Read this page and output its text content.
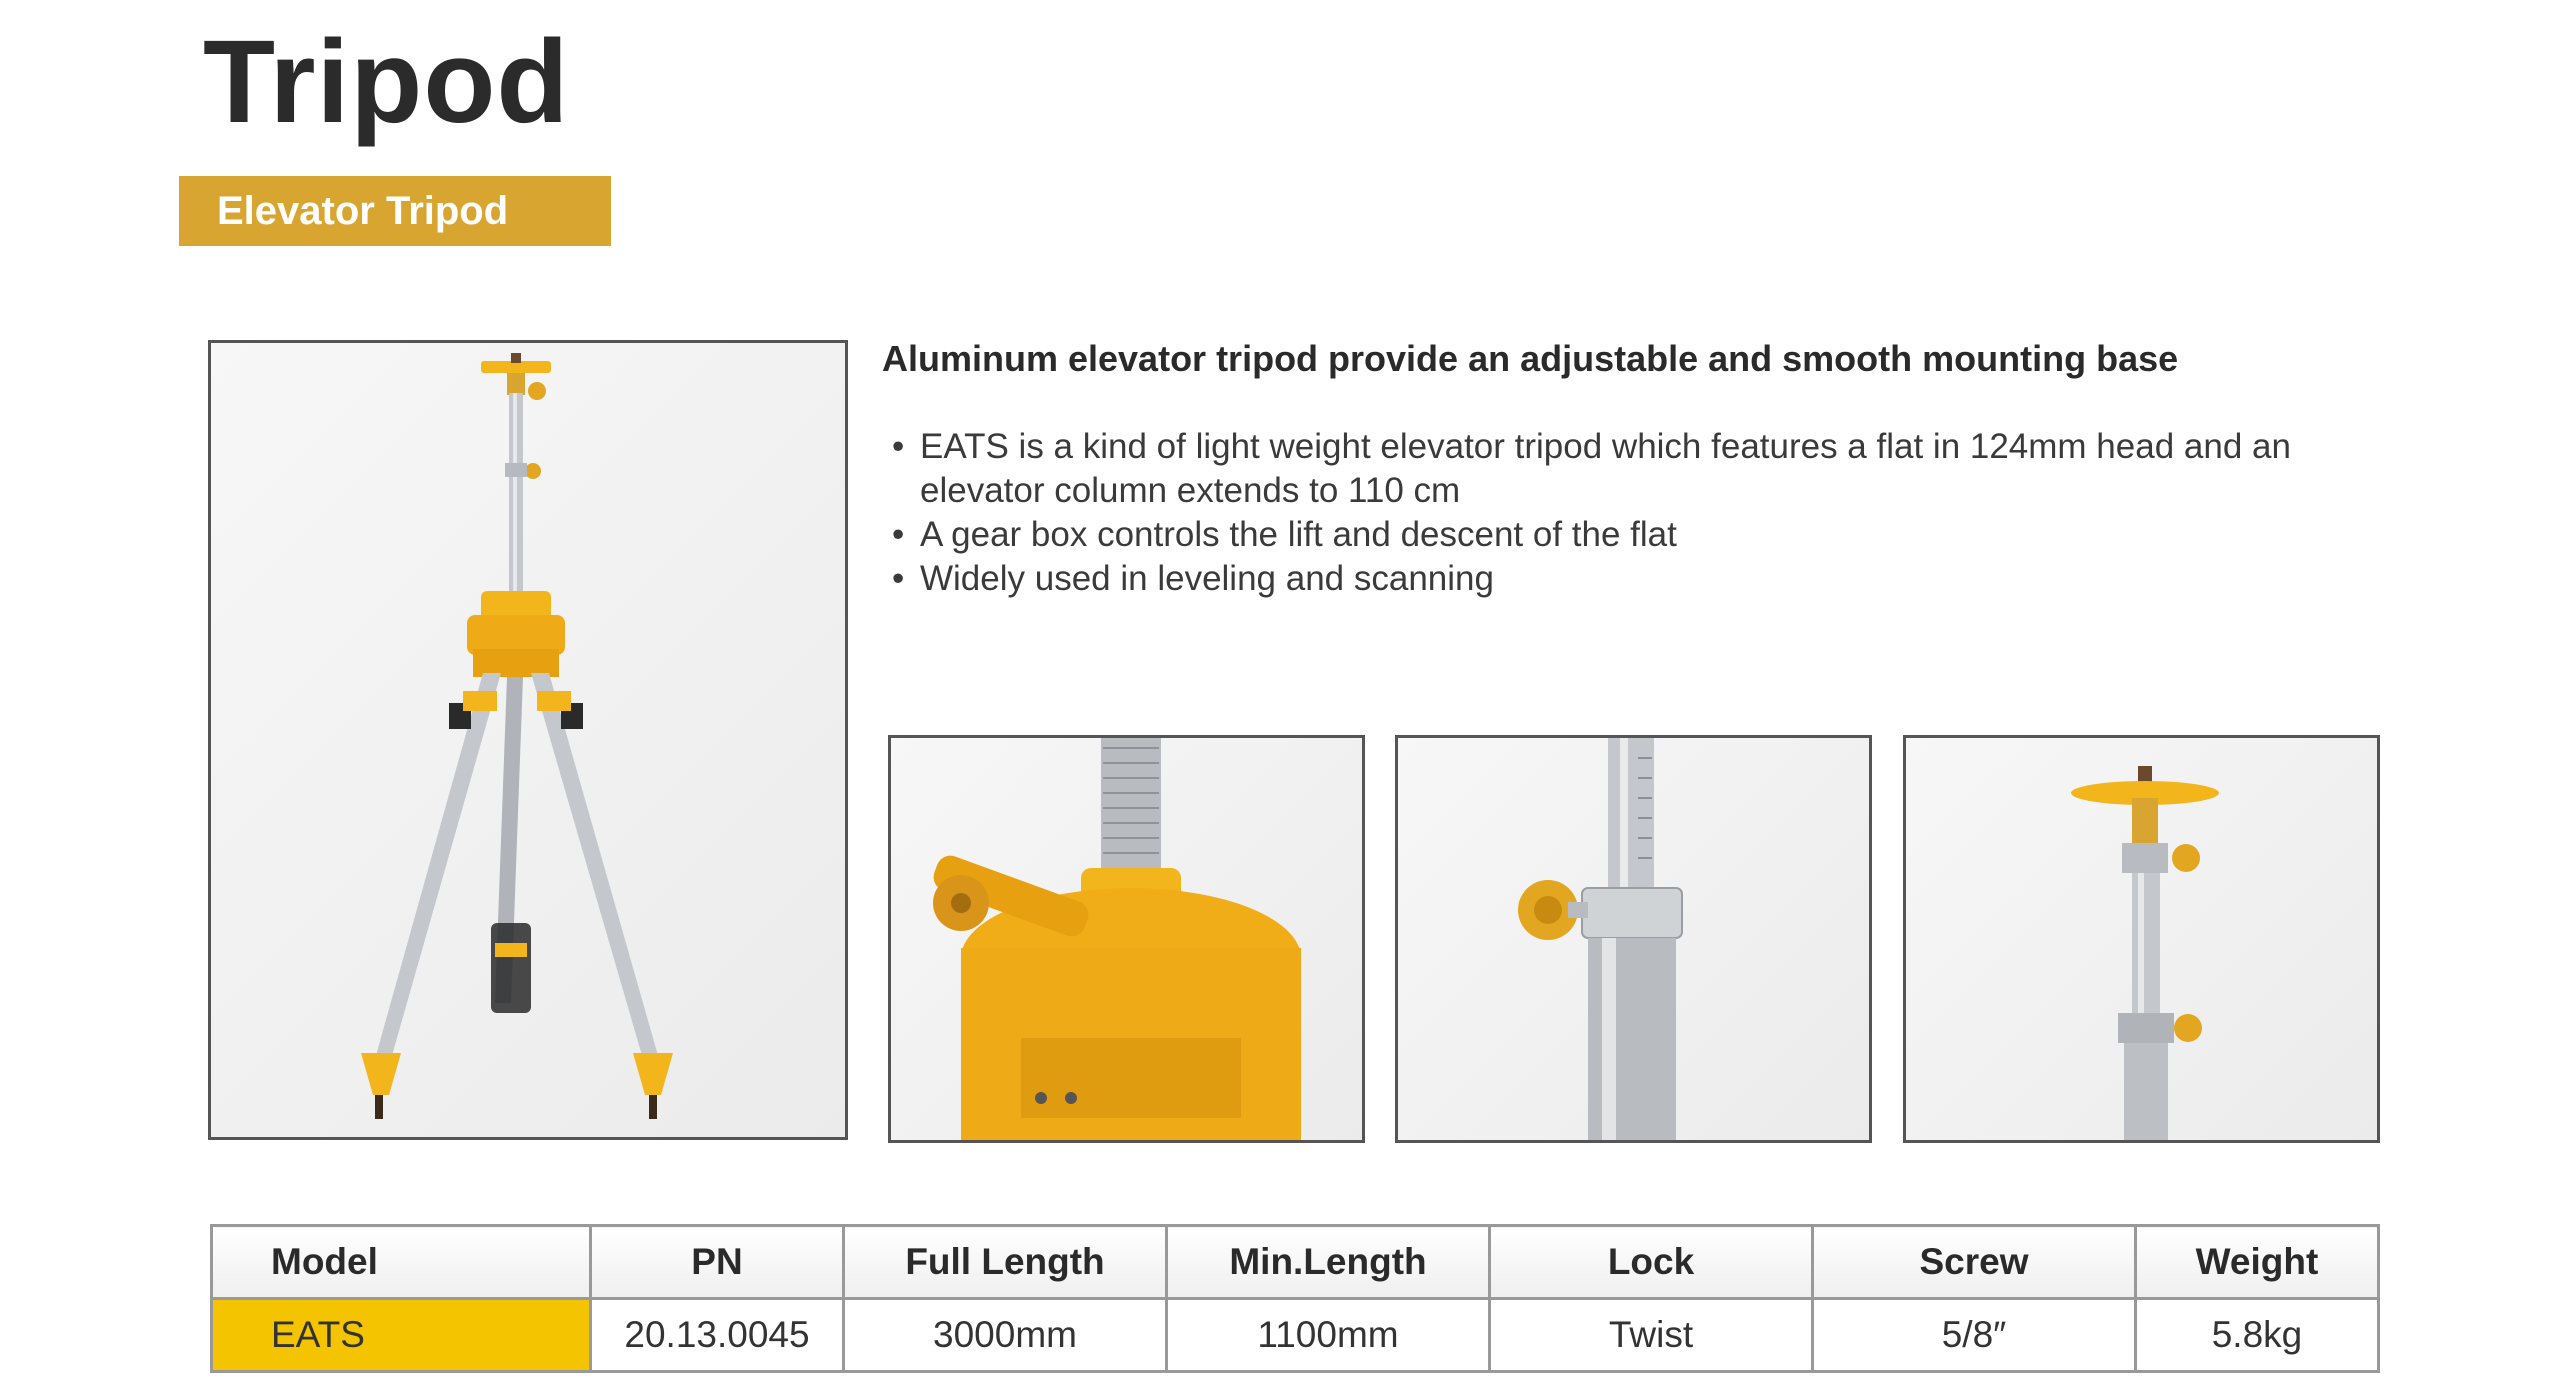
Tripod
Elevator Tripod
Aluminum elevator tripod provide an adjustable and smooth mounting base
• EATS is a kind of light weight elevator tripod which features a flat in 124mm head and an elevator column extends to 110 cm
• A gear box controls the lift and descent of the flat
• Widely used in leveling and scanning
Model	PN	Full Length	Min.Length	Lock	Screw	Weight
EATS	20.13.0045	3000mm	1100mm	Twist	5/8″	5.8kg
